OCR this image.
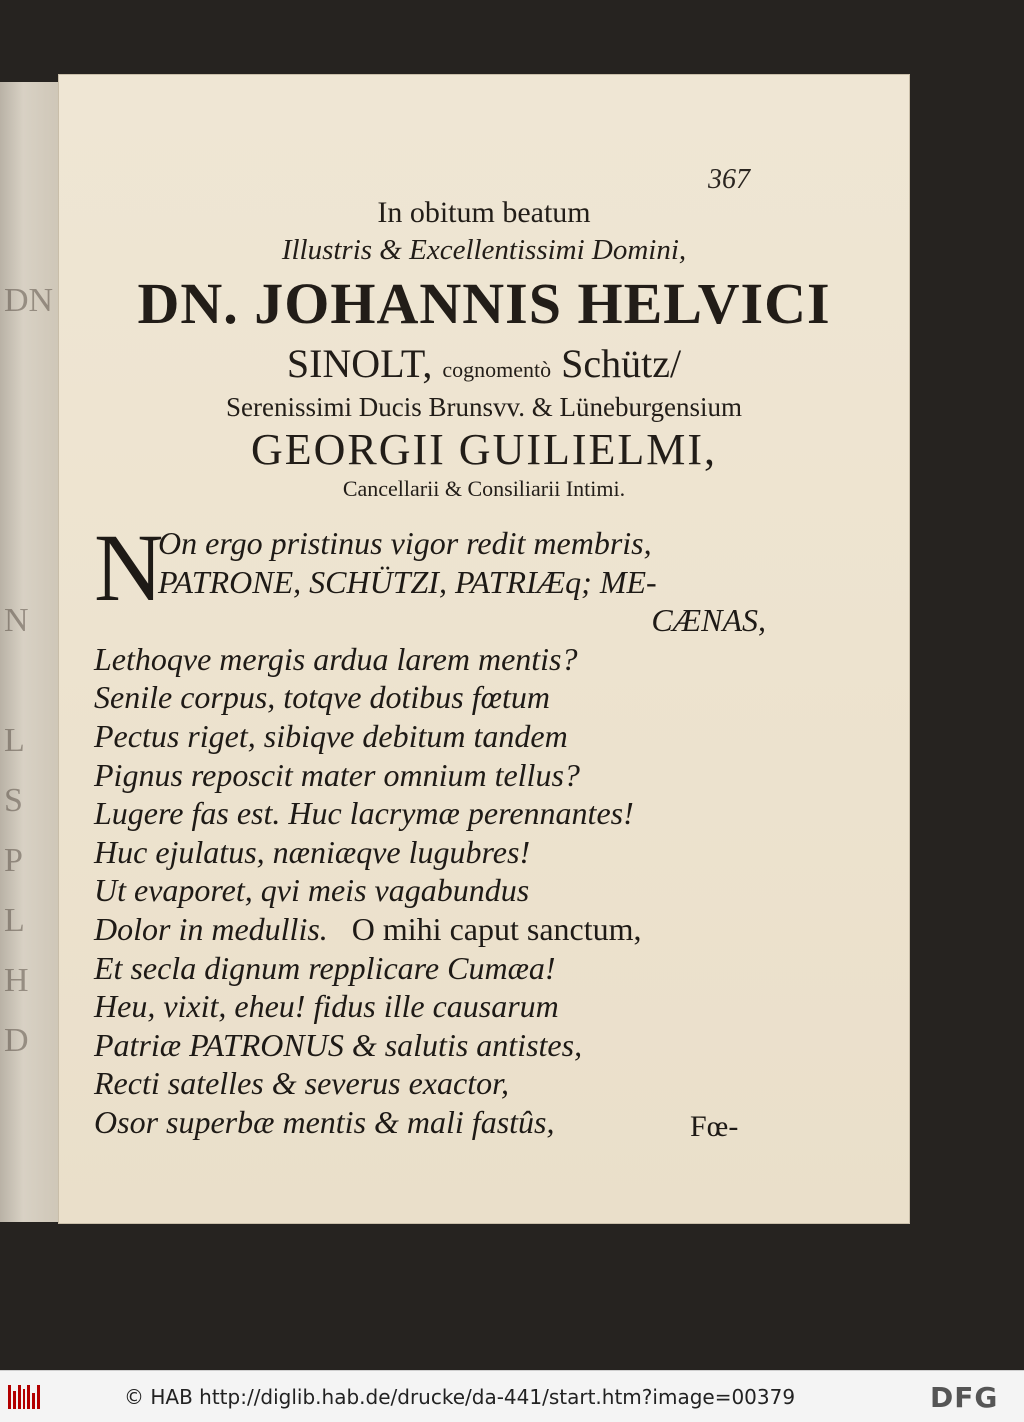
DN
N
L
S
P
L
H
D
367
In obitum beatum
Illustris & Excellentissimi Domini,
DN. JOHANNIS HELVICI
SINOLT, cognomentò Schütz/
Serenissimi Ducis Brunsvv. & Lüneburgensium
GEORGII GUILIELMI,
Cancellarii & Consiliarii Intimi.
N
On ergo pristinus vigor redit membris,
PATRONE, SCHÜTZI, PATRIÆq; ME-
CÆNAS,
Lethoqve mergis ardua larem mentis?
Senile corpus, totqve dotibus fœtum
Pectus riget, sibiqve debitum tandem
Pignus reposcit mater omnium tellus?
Lugere fas est. Huc lacrymæ perennantes!
Huc ejulatus, næniæqve lugubres!
Ut evaporet, qvi meis vagabundus
Dolor in medullis. O mihi caput sanctum,
Et secla dignum repplicare Cumæa!
Heu, vixit, eheu! fidus ille causarum
Patriæ PATRONUS & salutis antistes,
Recti satelles & severus exactor,
Osor superbæ mentis & mali fastûs,	Fœ-
© HAB http://diglib.hab.de/drucke/da-441/start.htm?image=00379	DFG
